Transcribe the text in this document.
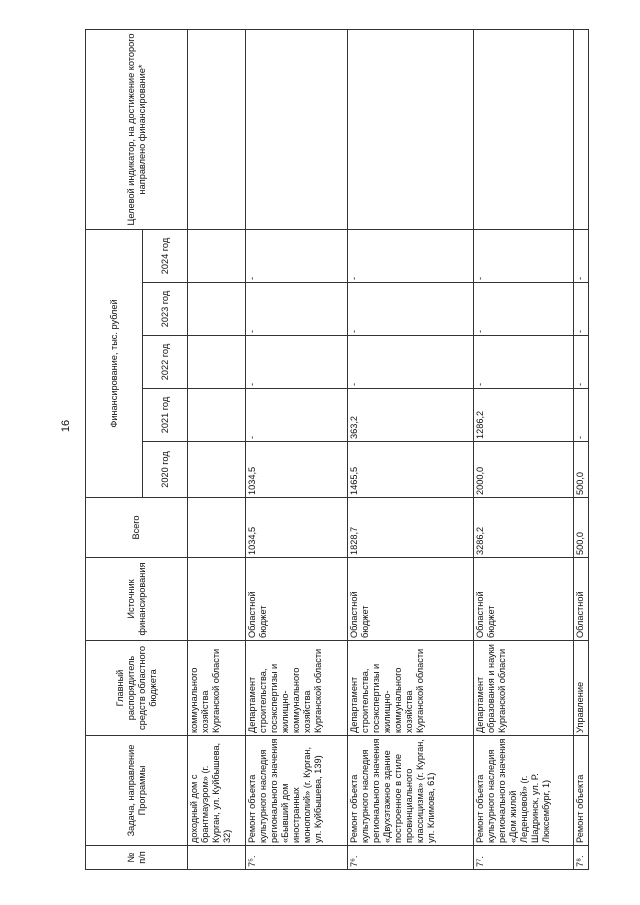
16
№ п/п	Задача, направление Программы	Главный распорядитель средств областного бюджета	Источник финансирования	Всего	Финансирование, тыс. рублей					Целевой индикатор, на достижение которого направлено финансирование*
					2020 год	2021 год	2022 год	2023 год	2024 год	
	доходный дом с брантмауэром» (г. Курган, ул. Куйбышева, 32)	коммунального хозяйства Курганской области								
7⁵.	Ремонт объекта культурного наследия регионального значения «Бывший дом иностранных монополий» (г. Курган, ул. Куйбышева, 139)	Департамент строительства, госэкспертизы и жилищно-коммунального хозяйства Курганской области	Областной бюджет	1034,5	1034,5	-	-	-	-	
7⁶.	Ремонт объекта культурного наследия регионального значения «Двухэтажное здание построенное в стиле провинциального классицизма» (г. Курган, ул. Климова, 61)	Департамент строительства, госэкспертизы и жилищно-коммунального хозяйства Курганской области	Областной бюджет	1828,7	1465,5	363,2	-	-	-	
7⁷.	Ремонт объекта культурного наследия регионального значения «Дом жилой Леденцовой» (г. Шадринск, ул. Р. Люксембург, 1)	Департамент образования и науки Курганской области	Областной бюджет	3286,2	2000,0	1286,2	-	-	-	
7⁸.	Ремонт объекта	Управление	Областной	500,0	500,0	-	-	-	-	
